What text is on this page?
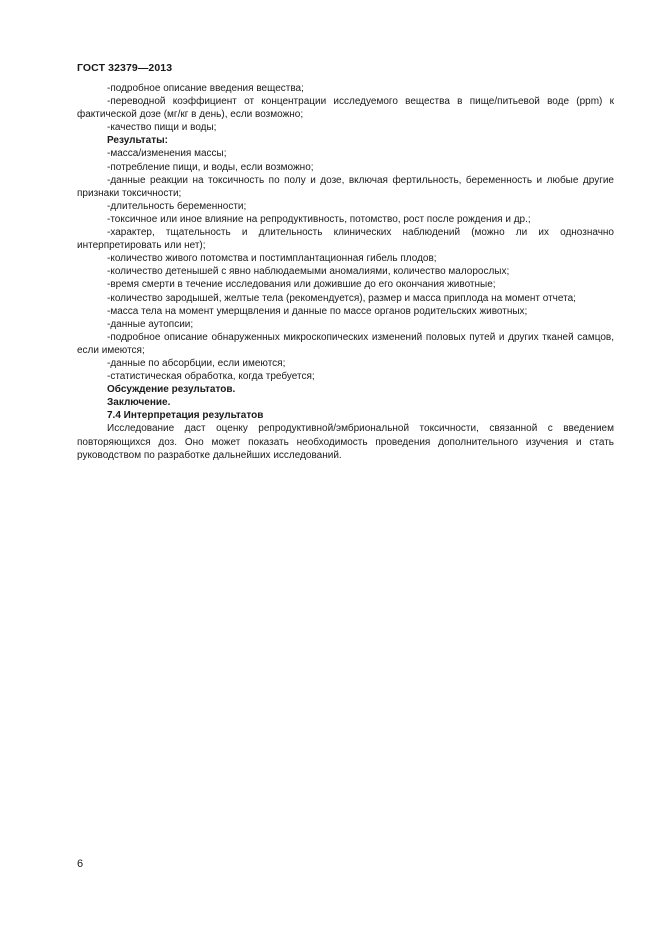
ГОСТ 32379—2013

-подробное описание введения вещества;

-переводной коэффициент от концентрации исследуемого вещества в пище/питьевой воде (ppm) к фактической дозе (мг/кг в день), если возможно;

-качество пищи и воды;

Результаты:

-масса/изменения массы;

-потребление пищи, и воды, если возможно;

-данные реакции на токсичность по полу и дозе, включая фертильность, беременность и любые другие признаки токсичности;

-длительность беременности;

-токсичное или иное влияние на репродуктивность, потомство, рост после рождения и др.;

-характер, тщательность и длительность клинических наблюдений (можно ли их однозначно интерпретировать или нет);

-количество живого потомства и постимплантационная гибель плодов;

-количество детенышей с явно наблюдаемыми аномалиями, количество малорослых;

-время смерти в течение исследования или дожившие до его окончания животные;

-количество зародышей, желтые тела (рекомендуется), размер и масса приплода на момент отчета;

-масса тела на момент умерщвления и данные по массе органов родительских животных;

-данные аутопсии;

-подробное описание обнаруженных микроскопических изменений половых путей и других тканей самцов, если имеются;

-данные по абсорбции, если имеются;

-статистическая обработка, когда требуется;

Обсуждение результатов.

Заключение.

7.4 Интерпретация результатов

Исследование даст оценку репродуктивной/эмбриональной токсичности, связанной с введением повторяющихся доз. Оно может показать необходимость проведения дополнительного изучения и стать руководством по разработке дальнейших исследований.

6
